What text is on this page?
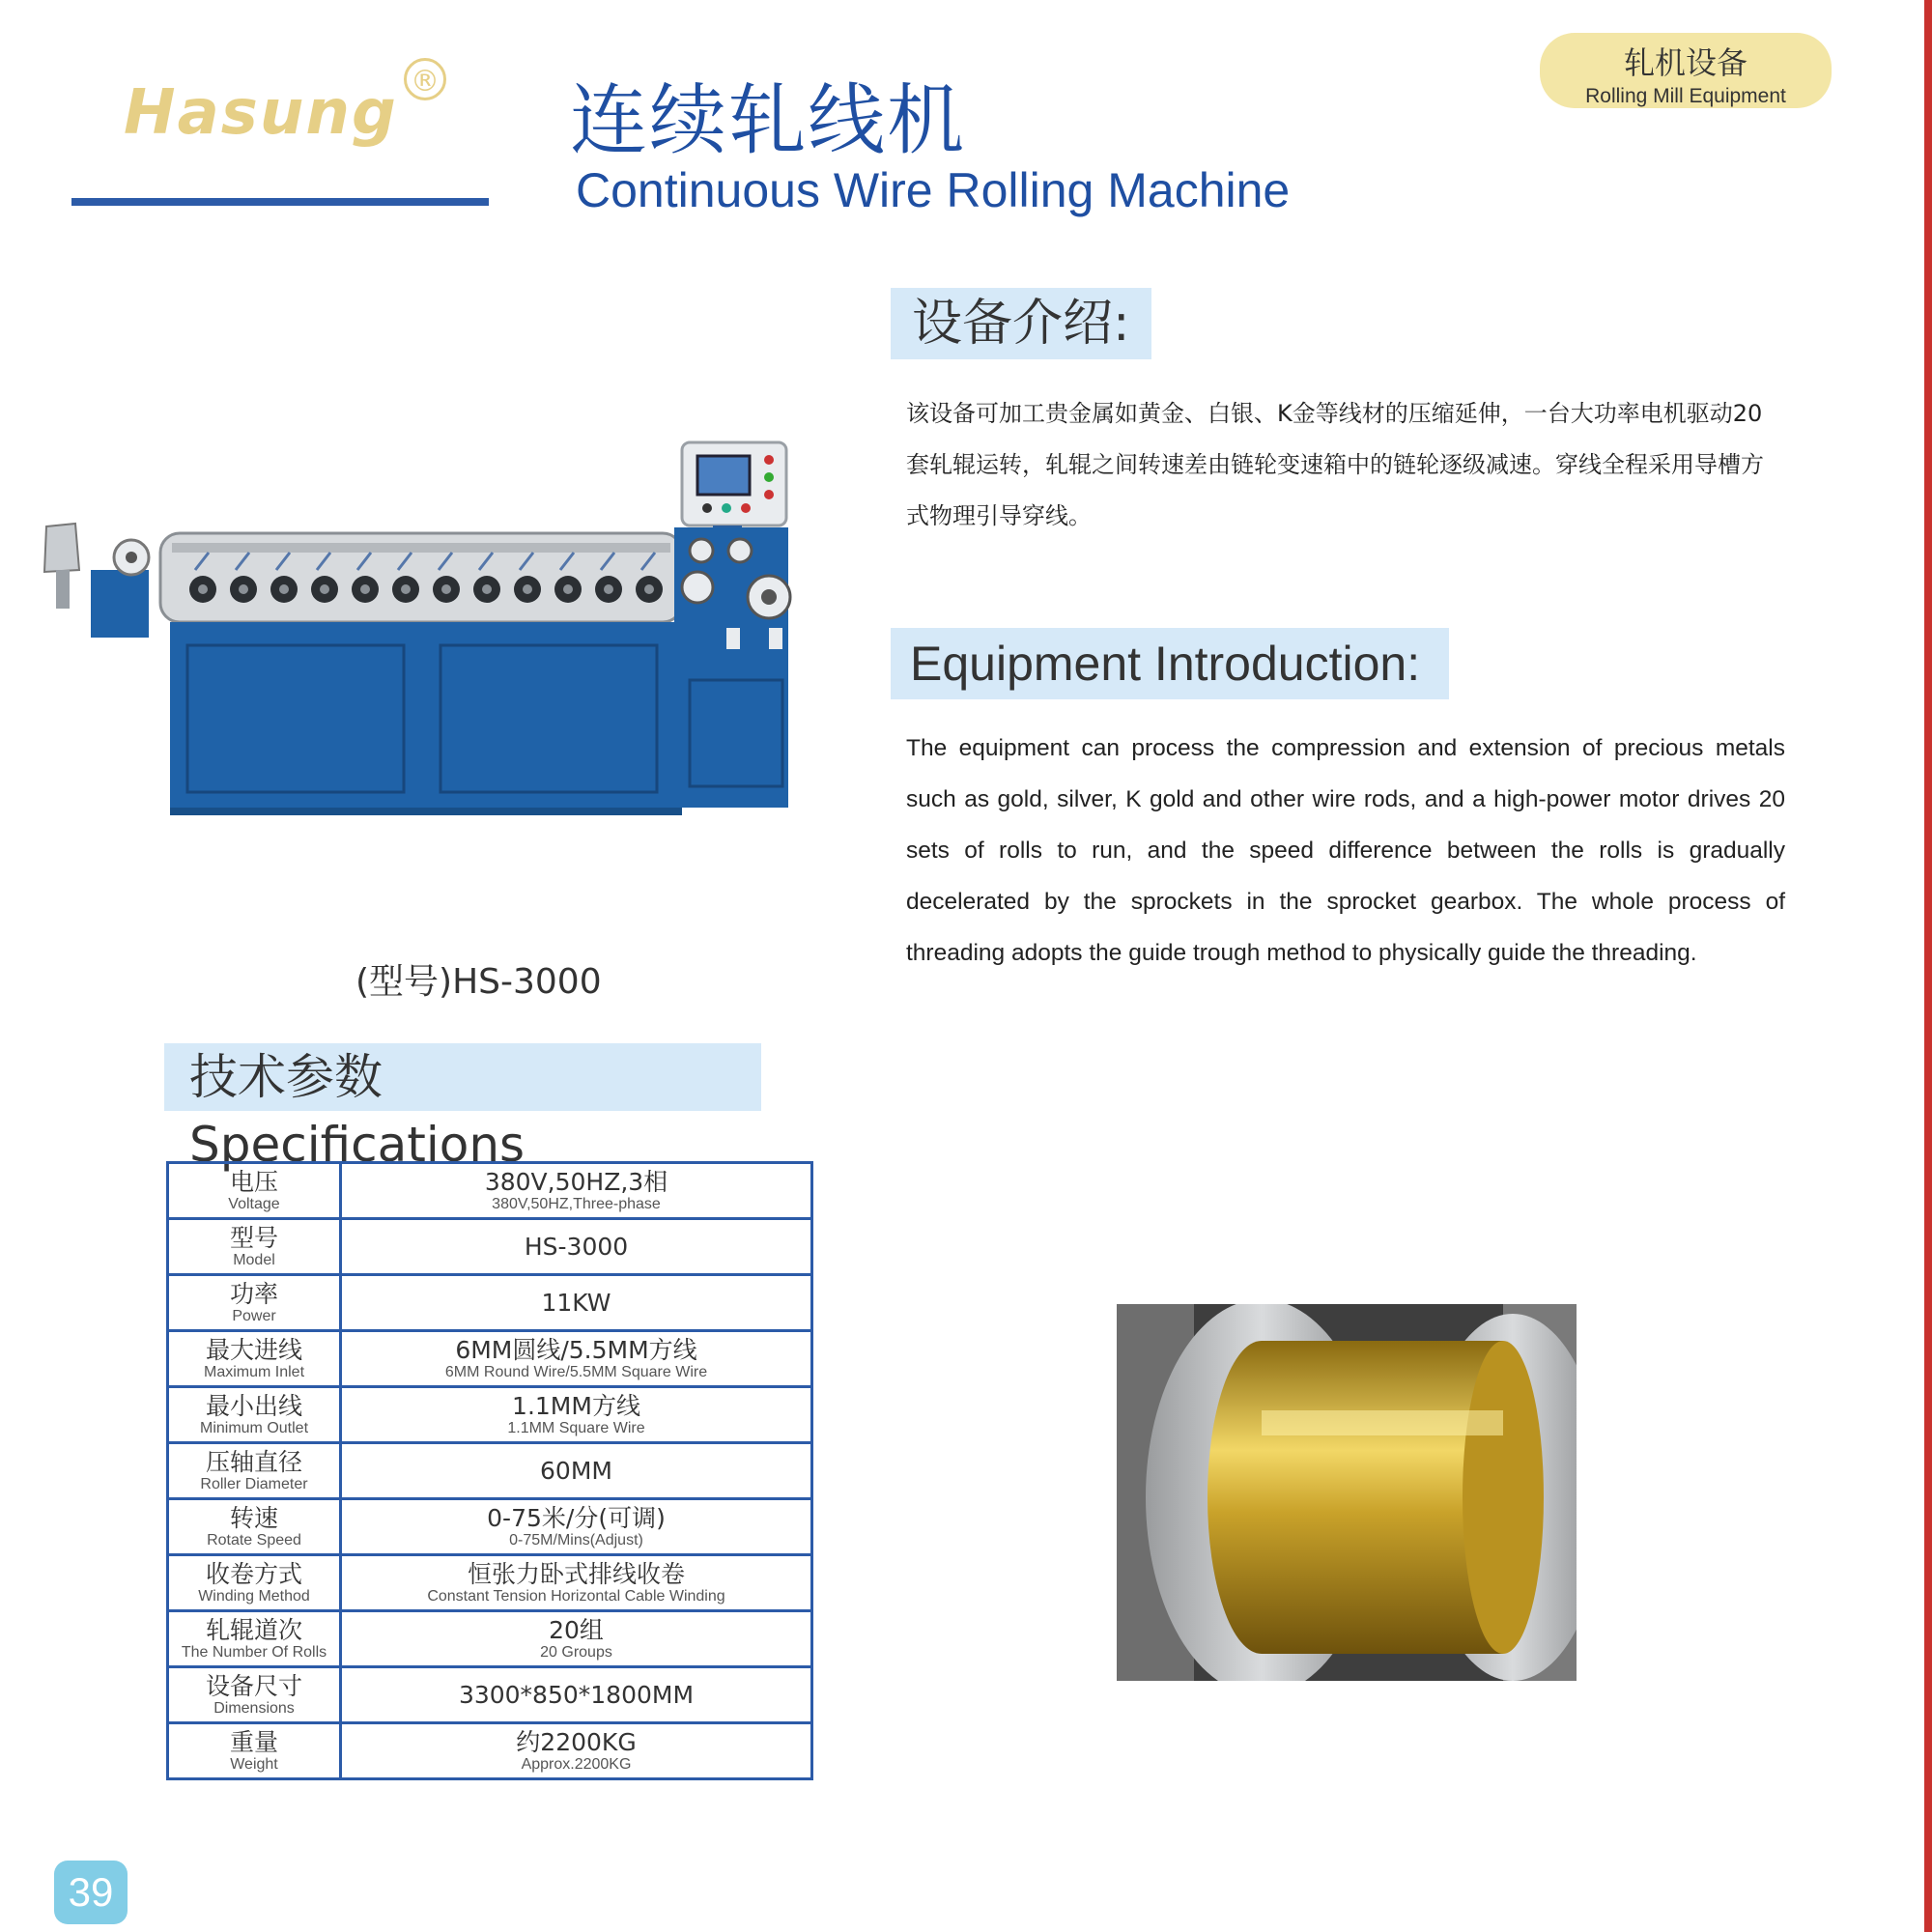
Hasung ® 连续轧线机
Continuous Wire Rolling Machine
轧机设备
Rolling Mill Equipment
(型号)HS-3000
设备介绍:
该设备可加工贵金属如黄金、白银、K金等线材的压缩延伸，一台大功率电机驱动20套轧辊运转，轧辊之间转速差由链轮变速箱中的链轮逐级减速。穿线全程采用导槽方式物理引导穿线。
Equipment Introduction:
The equipment can process the compression and extension of precious metals such as gold, silver, K gold and other wire rods, and a high-power motor drives 20 sets of rolls to run, and the speed difference between the rolls is gradually decelerated by the sprockets in the sprocket gearbox. The whole process of threading adopts the guide trough method to physically guide the threading.
技术参数Specifications
电压
Voltage	380V,50HZ,3相
380V,50HZ,Three-phase

型号
Model	HS-3000

功率
Power	11KW

最大进线
Maximum Inlet	6MM圆线/5.5MM方线
6MM Round Wire/5.5MM Square Wire

最小出线
Minimum Outlet	1.1MM方线
1.1MM Square Wire

压轴直径
Roller Diameter	60MM

转速
Rotate Speed	0-75米/分(可调)
0-75M/Mins(Adjust)

收卷方式
Winding Method	恒张力卧式排线收卷
Constant Tension Horizontal Cable Winding

轧辊道次
The Number Of Rolls	20组
20 Groups

设备尺寸
Dimensions	3300*850*1800MM

重量
Weight	约2200KG
Approx.2200KG
39
